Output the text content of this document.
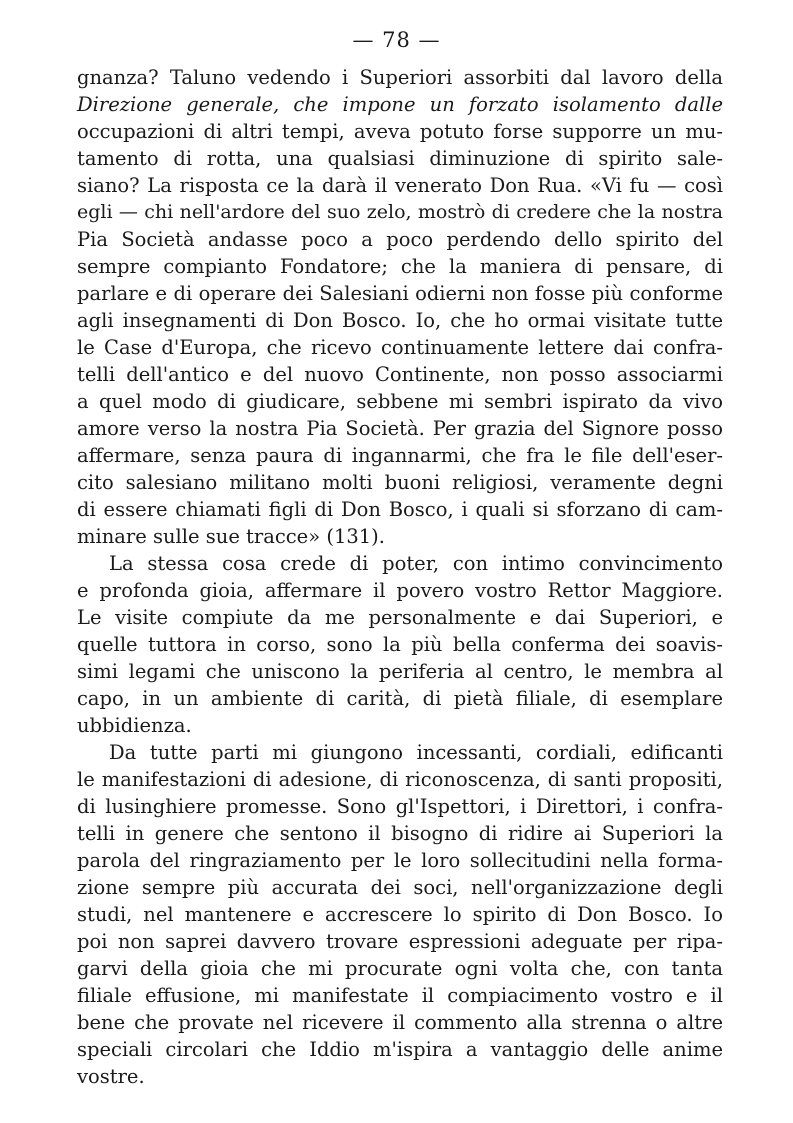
— 78 —
gnanza? Taluno vedendo i Superiori assorbiti dal lavoro della
Direzione generale, che impone un forzato isolamento dalle
occupazioni di altri tempi, aveva potuto forse supporre un mu-
tamento di rotta, una qualsiasi diminuzione di spirito sale-
siano? La risposta ce la darà il venerato Don Rua. «Vi fu — così
egli — chi nell'ardore del suo zelo, mostrò di credere che la nostra
Pia Società andasse poco a poco perdendo dello spirito del
sempre compianto Fondatore; che la maniera di pensare, di
parlare e di operare dei Salesiani odierni non fosse più conforme
agli insegnamenti di Don Bosco. Io, che ho ormai visitate tutte
le Case d'Europa, che ricevo continuamente lettere dai confra-
telli dell'antico e del nuovo Continente, non posso associarmi
a quel modo di giudicare, sebbene mi sembri ispirato da vivo
amore verso la nostra Pia Società. Per grazia del Signore posso
affermare, senza paura di ingannarmi, che fra le file dell'eser-
cito salesiano militano molti buoni religiosi, veramente degni
di essere chiamati figli di Don Bosco, i quali si sforzano di cam-
minare sulle sue tracce» (131).
La stessa cosa crede di poter, con intimo convincimento
e profonda gioia, affermare il povero vostro Rettor Maggiore.
Le visite compiute da me personalmente e dai Superiori, e
quelle tuttora in corso, sono la più bella conferma dei soavis-
simi legami che uniscono la periferia al centro, le membra al
capo, in un ambiente di carità, di pietà filiale, di esemplare
ubbidienza.
Da tutte parti mi giungono incessanti, cordiali, edificanti
le manifestazioni di adesione, di riconoscenza, di santi propositi,
di lusinghiere promesse. Sono gl'Ispettori, i Direttori, i confra-
telli in genere che sentono il bisogno di ridire ai Superiori la
parola del ringraziamento per le loro sollecitudini nella forma-
zione sempre più accurata dei soci, nell'organizzazione degli
studi, nel mantenere e accrescere lo spirito di Don Bosco. Io
poi non saprei davvero trovare espressioni adeguate per ripa-
garvi della gioia che mi procurate ogni volta che, con tanta
filiale effusione, mi manifestate il compiacimento vostro e il
bene che provate nel ricevere il commento alla strenna o altre
speciali circolari che Iddio m'ispira a vantaggio delle anime
vostre.
